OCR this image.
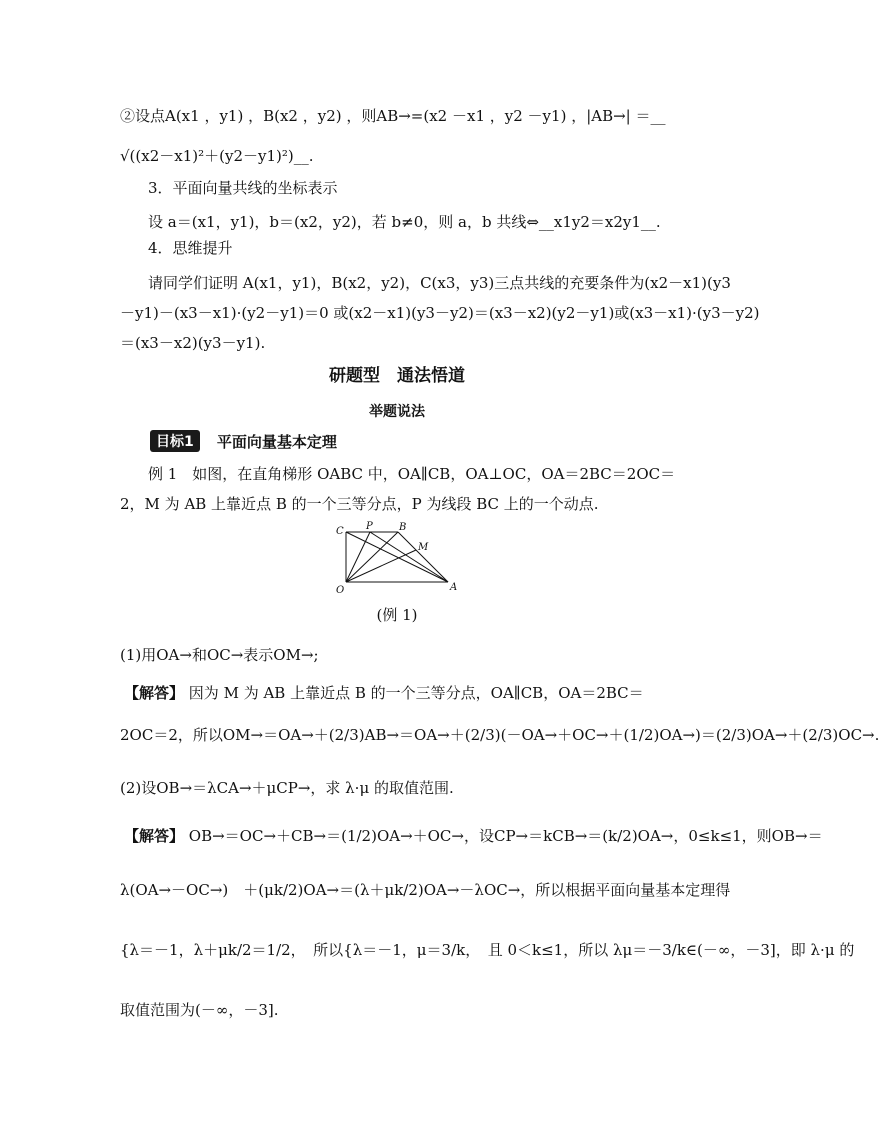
②设点A(x1 ，y1) ，B(x2 ，y2) ，则AB→=(x2 －x1 ，y2 －y1) ，|AB→| ＝__
√((x2－x1)²＋(y2－y1)²)__.
3．平面向量共线的坐标表示
设 a＝(x1，y1)，b＝(x2，y2)，若 b≠0，则 a，b 共线⇔__x1y2＝x2y1__.
4．思维提升
请同学们证明 A(x1，y1)，B(x2，y2)，C(x3，y3)三点共线的充要条件为(x2－x1)(y3
－y1)－(x3－x1)·(y2－y1)＝0 或(x2－x1)(y3－y2)＝(x3－x2)(y2－y1)或(x3－x1)·(y3－y2)
＝(x3－x2)(y3－y1).
研题型　通法悟道
举题说法
目标1 平面向量基本定理
例 1　如图，在直角梯形 OABC 中，OA∥CB，OA⊥OC，OA＝2BC＝2OC＝
2，M 为 AB 上靠近点 B 的一个三等分点，P 为线段 BC 上的一个动点.
C P	B
M
O	A
(例 1)
(1)用OA→和OC→表示OM→;
【解答】 因为 M 为 AB 上靠近点 B 的一个三等分点，OA∥CB，OA＝2BC＝
2OC＝2，所以OM→＝OA→＋(2/3)AB→＝OA→＋(2/3)(－OA→＋OC→＋(1/2)OA→)＝(2/3)OA→＋(2/3)OC→.
(2)设OB→＝λCA→＋μCP→，求 λ·μ 的取值范围.
【解答】 OB→＝OC→＋CB→＝(1/2)OA→＋OC→，设CP→＝kCB→＝(k/2)OA→，0≤k≤1，则OB→＝
λ(OA→－OC→)　＋(μk/2)OA→＝(λ＋μk/2)OA→－λOC→，所以根据平面向量基本定理得
{λ＝－1，λ＋μk/2＝1/2，　所以{λ＝－1，μ＝3/k，　且 0＜k≤1，所以 λμ＝－3/k∈(－∞，－3]，即 λ·μ 的
取值范围为(－∞，－3].
